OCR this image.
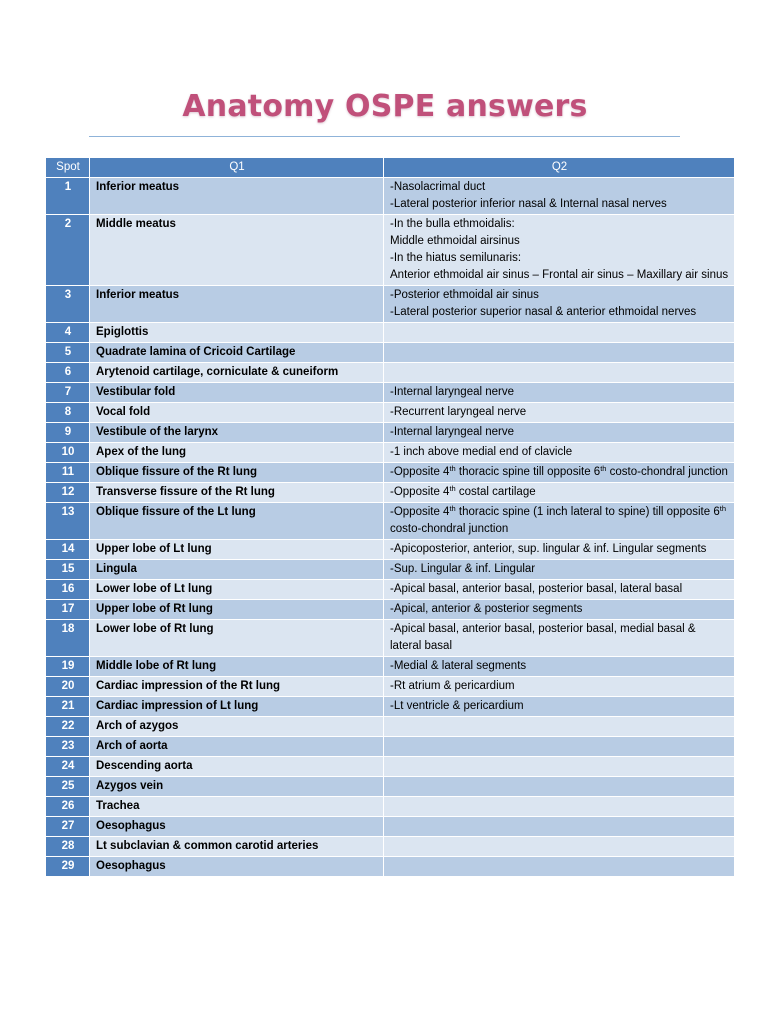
Anatomy OSPE answers
Spot	Q1	Q2
1	Inferior meatus	-Nasolacrimal duct
-Lateral posterior inferior nasal & Internal nasal nerves

2	Middle meatus	-In the bulla ethmoidalis:
Middle ethmoidal airsinus
-In the hiatus semilunaris:
Anterior ethmoidal air sinus – Frontal air sinus – Maxillary air sinus

3	Inferior meatus	-Posterior ethmoidal air sinus
-Lateral posterior superior nasal & anterior ethmoidal nerves

4	Epiglottis	
5	Quadrate lamina of Cricoid Cartilage	
6	Arytenoid cartilage, corniculate & cuneiform	
7	Vestibular fold	-Internal laryngeal nerve

8	Vocal fold	-Recurrent laryngeal nerve

9	Vestibule of the larynx	-Internal laryngeal nerve

10	Apex of the lung	-1 inch above medial end of clavicle

11	Oblique fissure of the Rt lung	-Opposite 4th thoracic spine till opposite 6th costo-chondral junction

12	Transverse fissure of the Rt lung	-Opposite 4th costal cartilage

13	Oblique fissure of the Lt lung	-Opposite 4th thoracic spine (1 inch lateral to spine) till opposite 6th costo-chondral junction

14	Upper lobe of Lt lung	-Apicoposterior, anterior, sup. lingular & inf. Lingular segments

15	Lingula	-Sup. Lingular & inf. Lingular

16	Lower lobe of Lt lung	-Apical basal, anterior basal, posterior basal, lateral basal

17	Upper lobe of Rt lung	-Apical, anterior & posterior segments

18	Lower lobe of Rt lung	-Apical basal, anterior basal, posterior basal, medial basal & lateral basal

19	Middle lobe of Rt lung	-Medial & lateral segments

20	Cardiac impression of the Rt lung	-Rt atrium & pericardium

21	Cardiac impression of Lt lung	-Lt ventricle & pericardium

22	Arch of azygos	
23	Arch of aorta	
24	Descending aorta	
25	Azygos vein	
26	Trachea	
27	Oesophagus	
28	Lt subclavian & common carotid arteries	
29	Oesophagus	
